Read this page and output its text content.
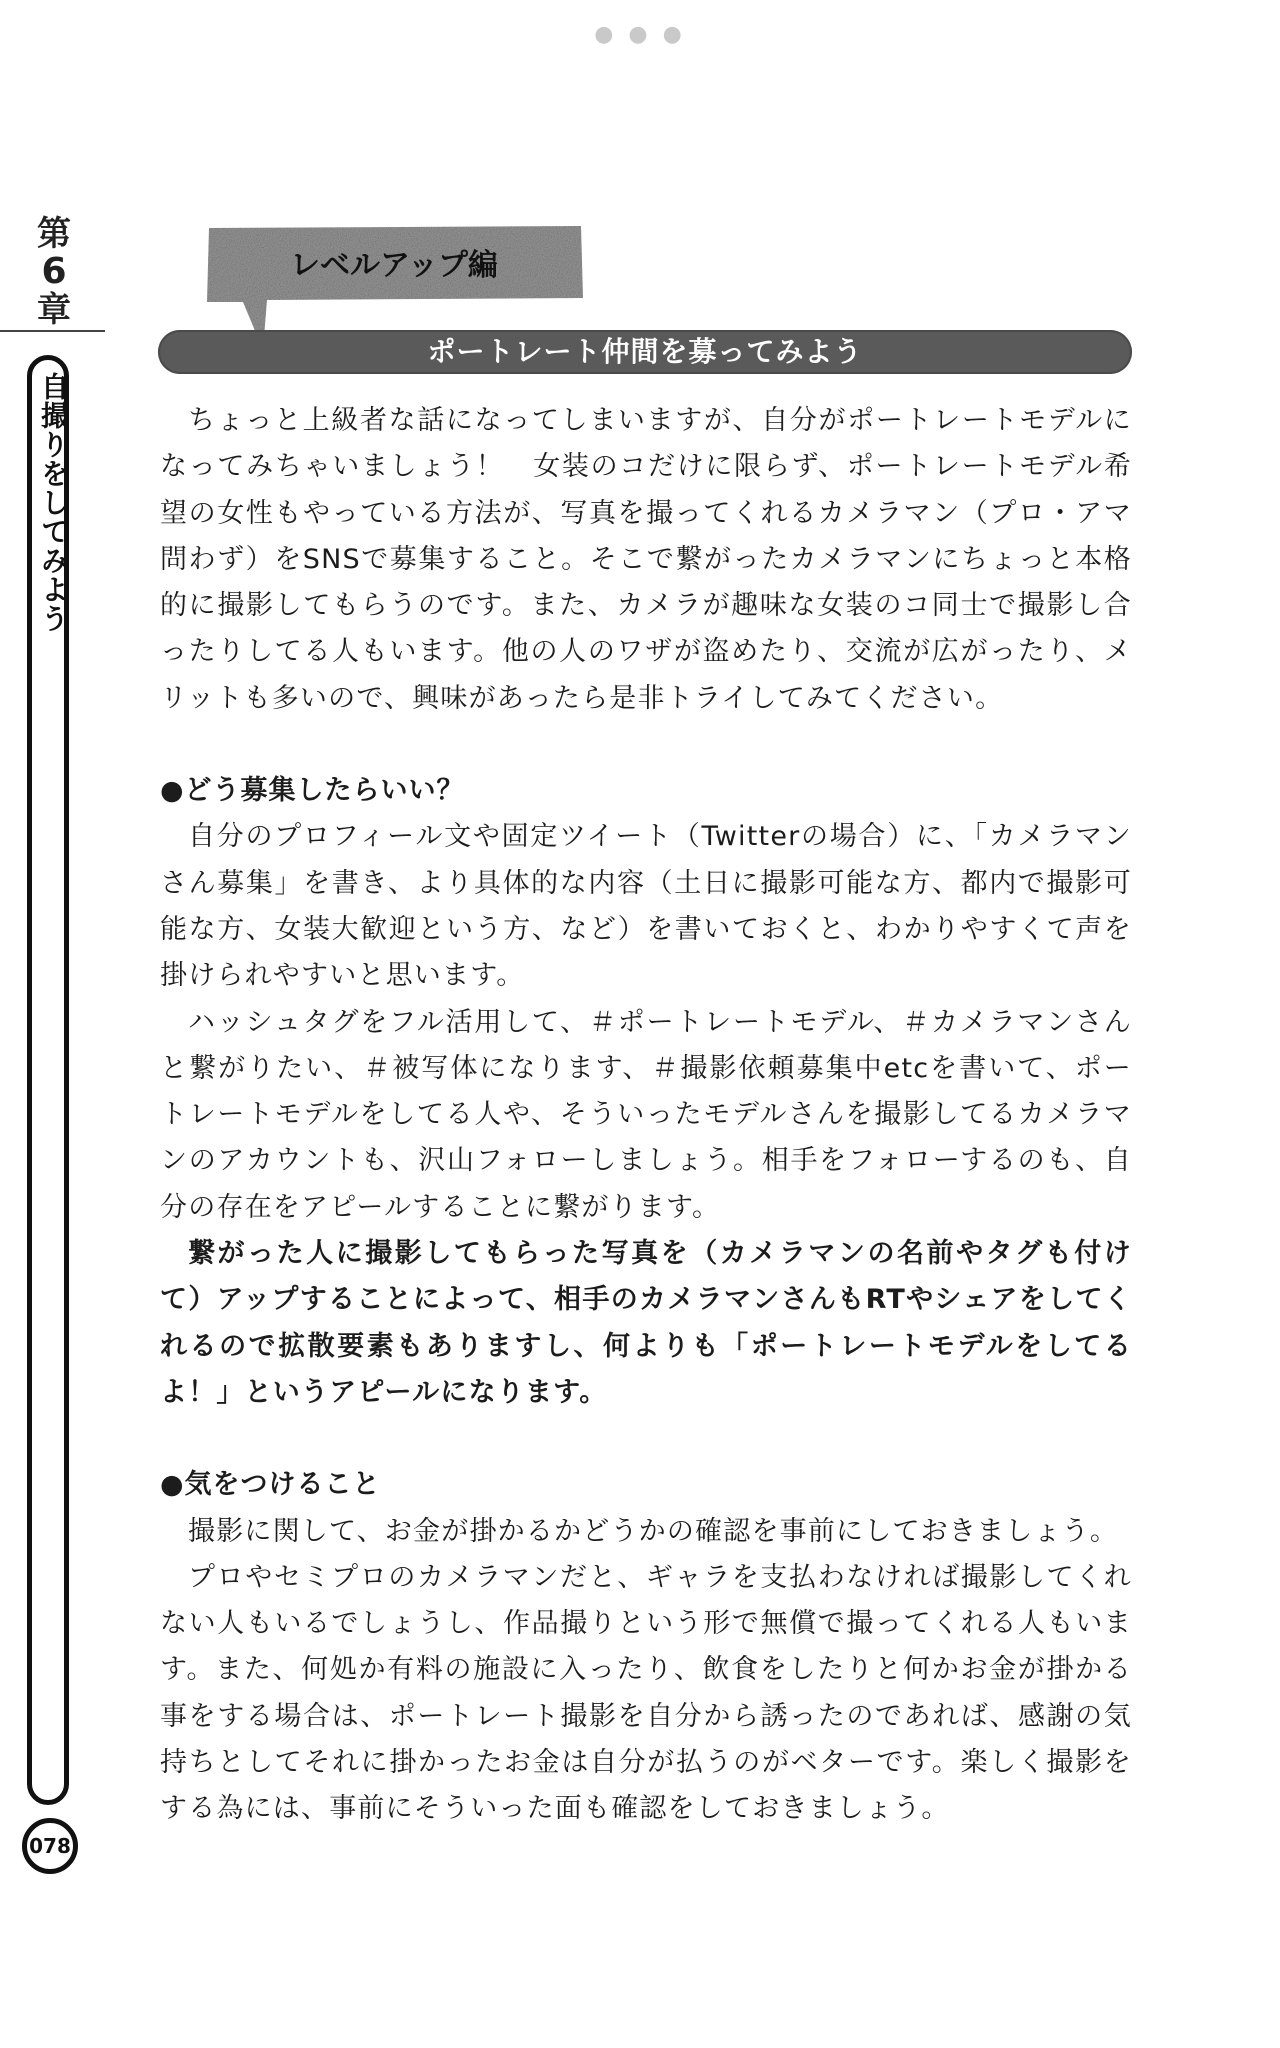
● ● ●
第
6
章
自撮りをしてみよう
078
レベルアップ編
ポートレート仲間を募ってみよう

ちょっと上級者な話になってしまいますが、自分がポートレートモデルになってみちゃいましょう！　女装のコだけに限らず、ポートレートモデル希望の女性もやっている方法が、写真を撮ってくれるカメラマン（プロ・アマ問わず）をSNSで募集すること。そこで繋がったカメラマンにちょっと本格的に撮影してもらうのです。また、カメラが趣味な女装のコ同士で撮影し合ったりしてる人もいます。他の人のワザが盗めたり、交流が広がったり、メリットも多いので、興味があったら是非トライしてみてください。

●どう募集したらいい？

自分のプロフィール文や固定ツイート（Twitterの場合）に、「カメラマンさん募集」を書き、より具体的な内容（土日に撮影可能な方、都内で撮影可能な方、女装大歓迎という方、など）を書いておくと、わかりやすくて声を掛けられやすいと思います。

ハッシュタグをフル活用して、＃ポートレートモデル、＃カメラマンさんと繋がりたい、＃被写体になります、＃撮影依頼募集中etcを書いて、ポートレートモデルをしてる人や、そういったモデルさんを撮影してるカメラマンのアカウントも、沢山フォローしましょう。相手をフォローするのも、自分の存在をアピールすることに繋がります。

繋がった人に撮影してもらった写真を（カメラマンの名前やタグも付けて）アップすることによって、相手のカメラマンさんもRTやシェアをしてくれるので拡散要素もありますし、何よりも「ポートレートモデルをしてるよ！」というアピールになります。

●気をつけること

撮影に関して、お金が掛かるかどうかの確認を事前にしておきましょう。

プロやセミプロのカメラマンだと、ギャラを支払わなければ撮影してくれない人もいるでしょうし、作品撮りという形で無償で撮ってくれる人もいます。また、何処か有料の施設に入ったり、飲食をしたりと何かお金が掛かる事をする場合は、ポートレート撮影を自分から誘ったのであれば、感謝の気持ちとしてそれに掛かったお金は自分が払うのがベターです。楽しく撮影をする為には、事前にそういった面も確認をしておきましょう。
